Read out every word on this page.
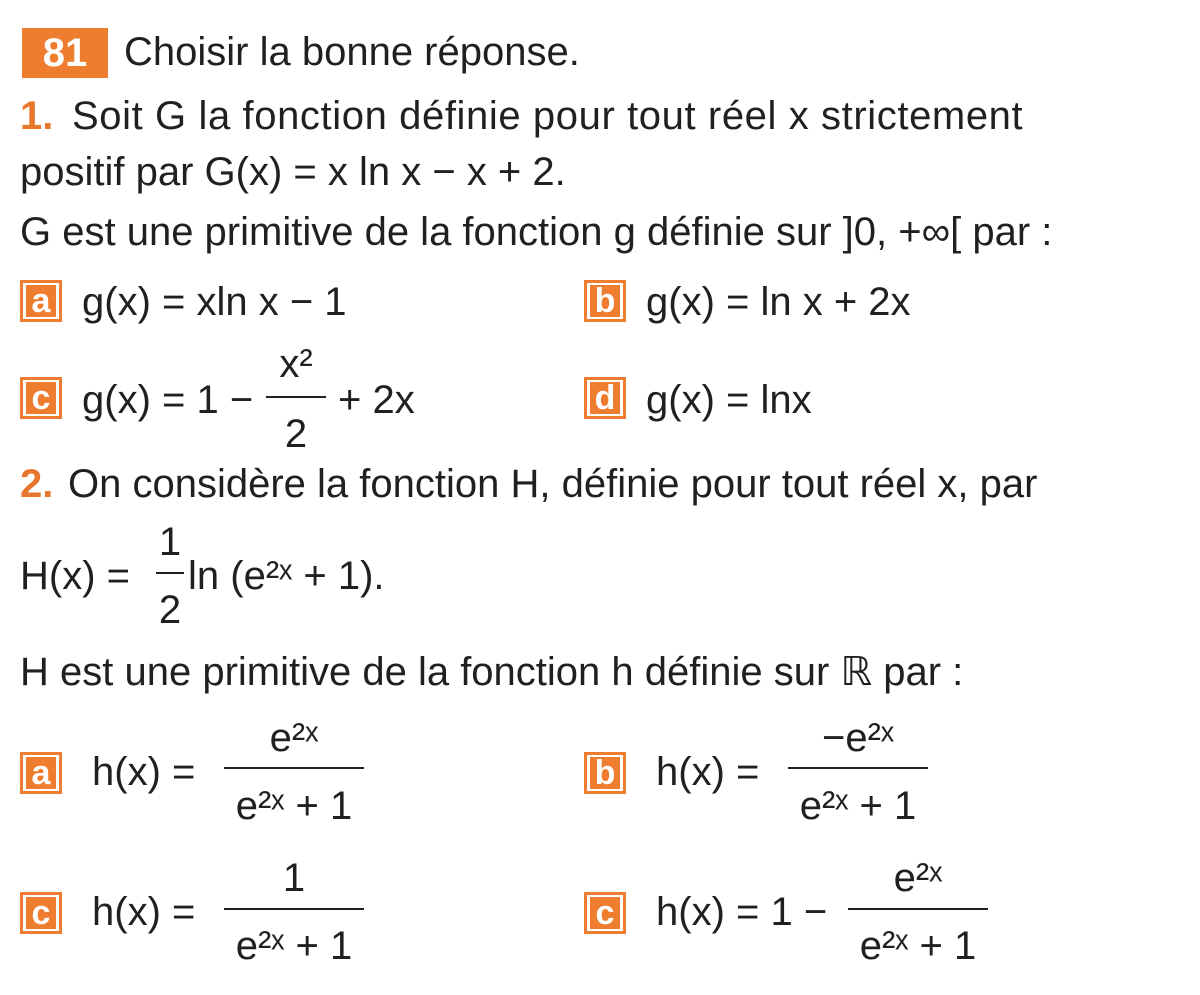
81 Choisir la bonne réponse.
1. Soit G la fonction définie pour tout réel x strictement
positif par G(x) = x ln x − x + 2.
G est une primitive de la fonction g définie sur ]0, +∞[ par :
a g(x) = xln x − 1	b g(x) = ln x + 2x
c g(x) = 1 −
x²
2
+ 2x	d g(x) = lnx
2. On considère la fonction H, définie pour tout réel x, par
H(x) =
1
2
ln (e²ˣ + 1).
H est une primitive de la fonction h définie sur ℝ par :
a h(x) =
e²ˣ
e²ˣ + 1
b h(x) =
−e²ˣ
e²ˣ + 1
c h(x) =
1
e²ˣ + 1
c h(x) = 1 −
e²ˣ
e²ˣ + 1
